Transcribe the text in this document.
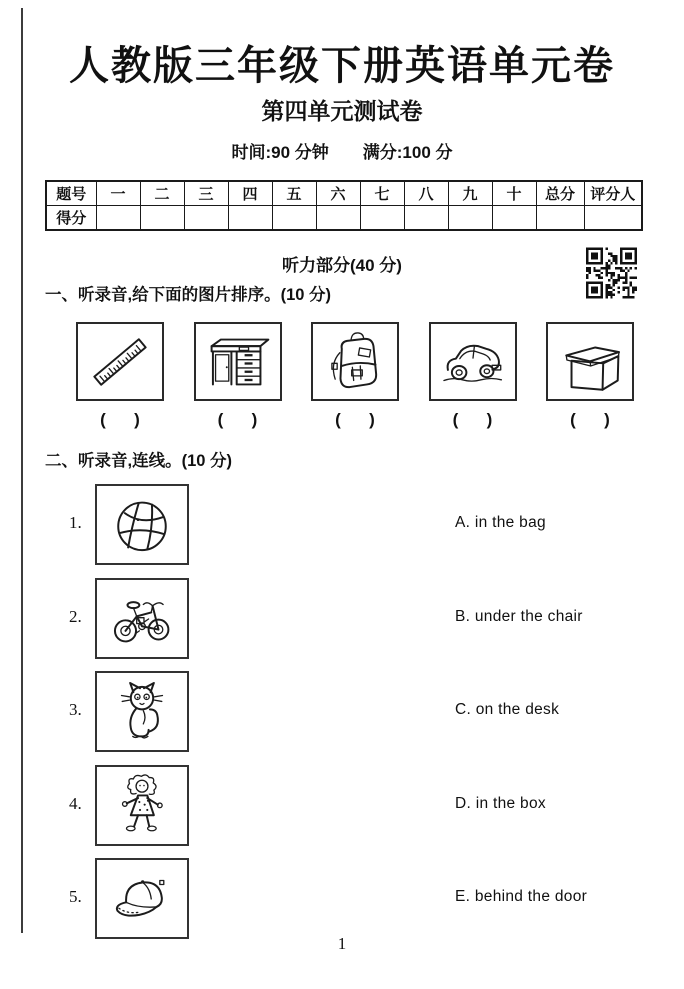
人教版三年级下册英语单元卷
第四单元测试卷
时间:90 分钟 满分:100 分
题号	一	二	三	四	五	六	七	八	九	十	总分	评分人
得分												
听力部分(40 分)
一、听录音,给下面的图片排序。(10 分)
(      )	(      )	(      )	(      )	(      )
二、听录音,连线。(10 分)
1.	A. in the bag
2.	B. under the chair
3.	C. on the desk
4.	D. in the box
5.	E. behind the door
1
